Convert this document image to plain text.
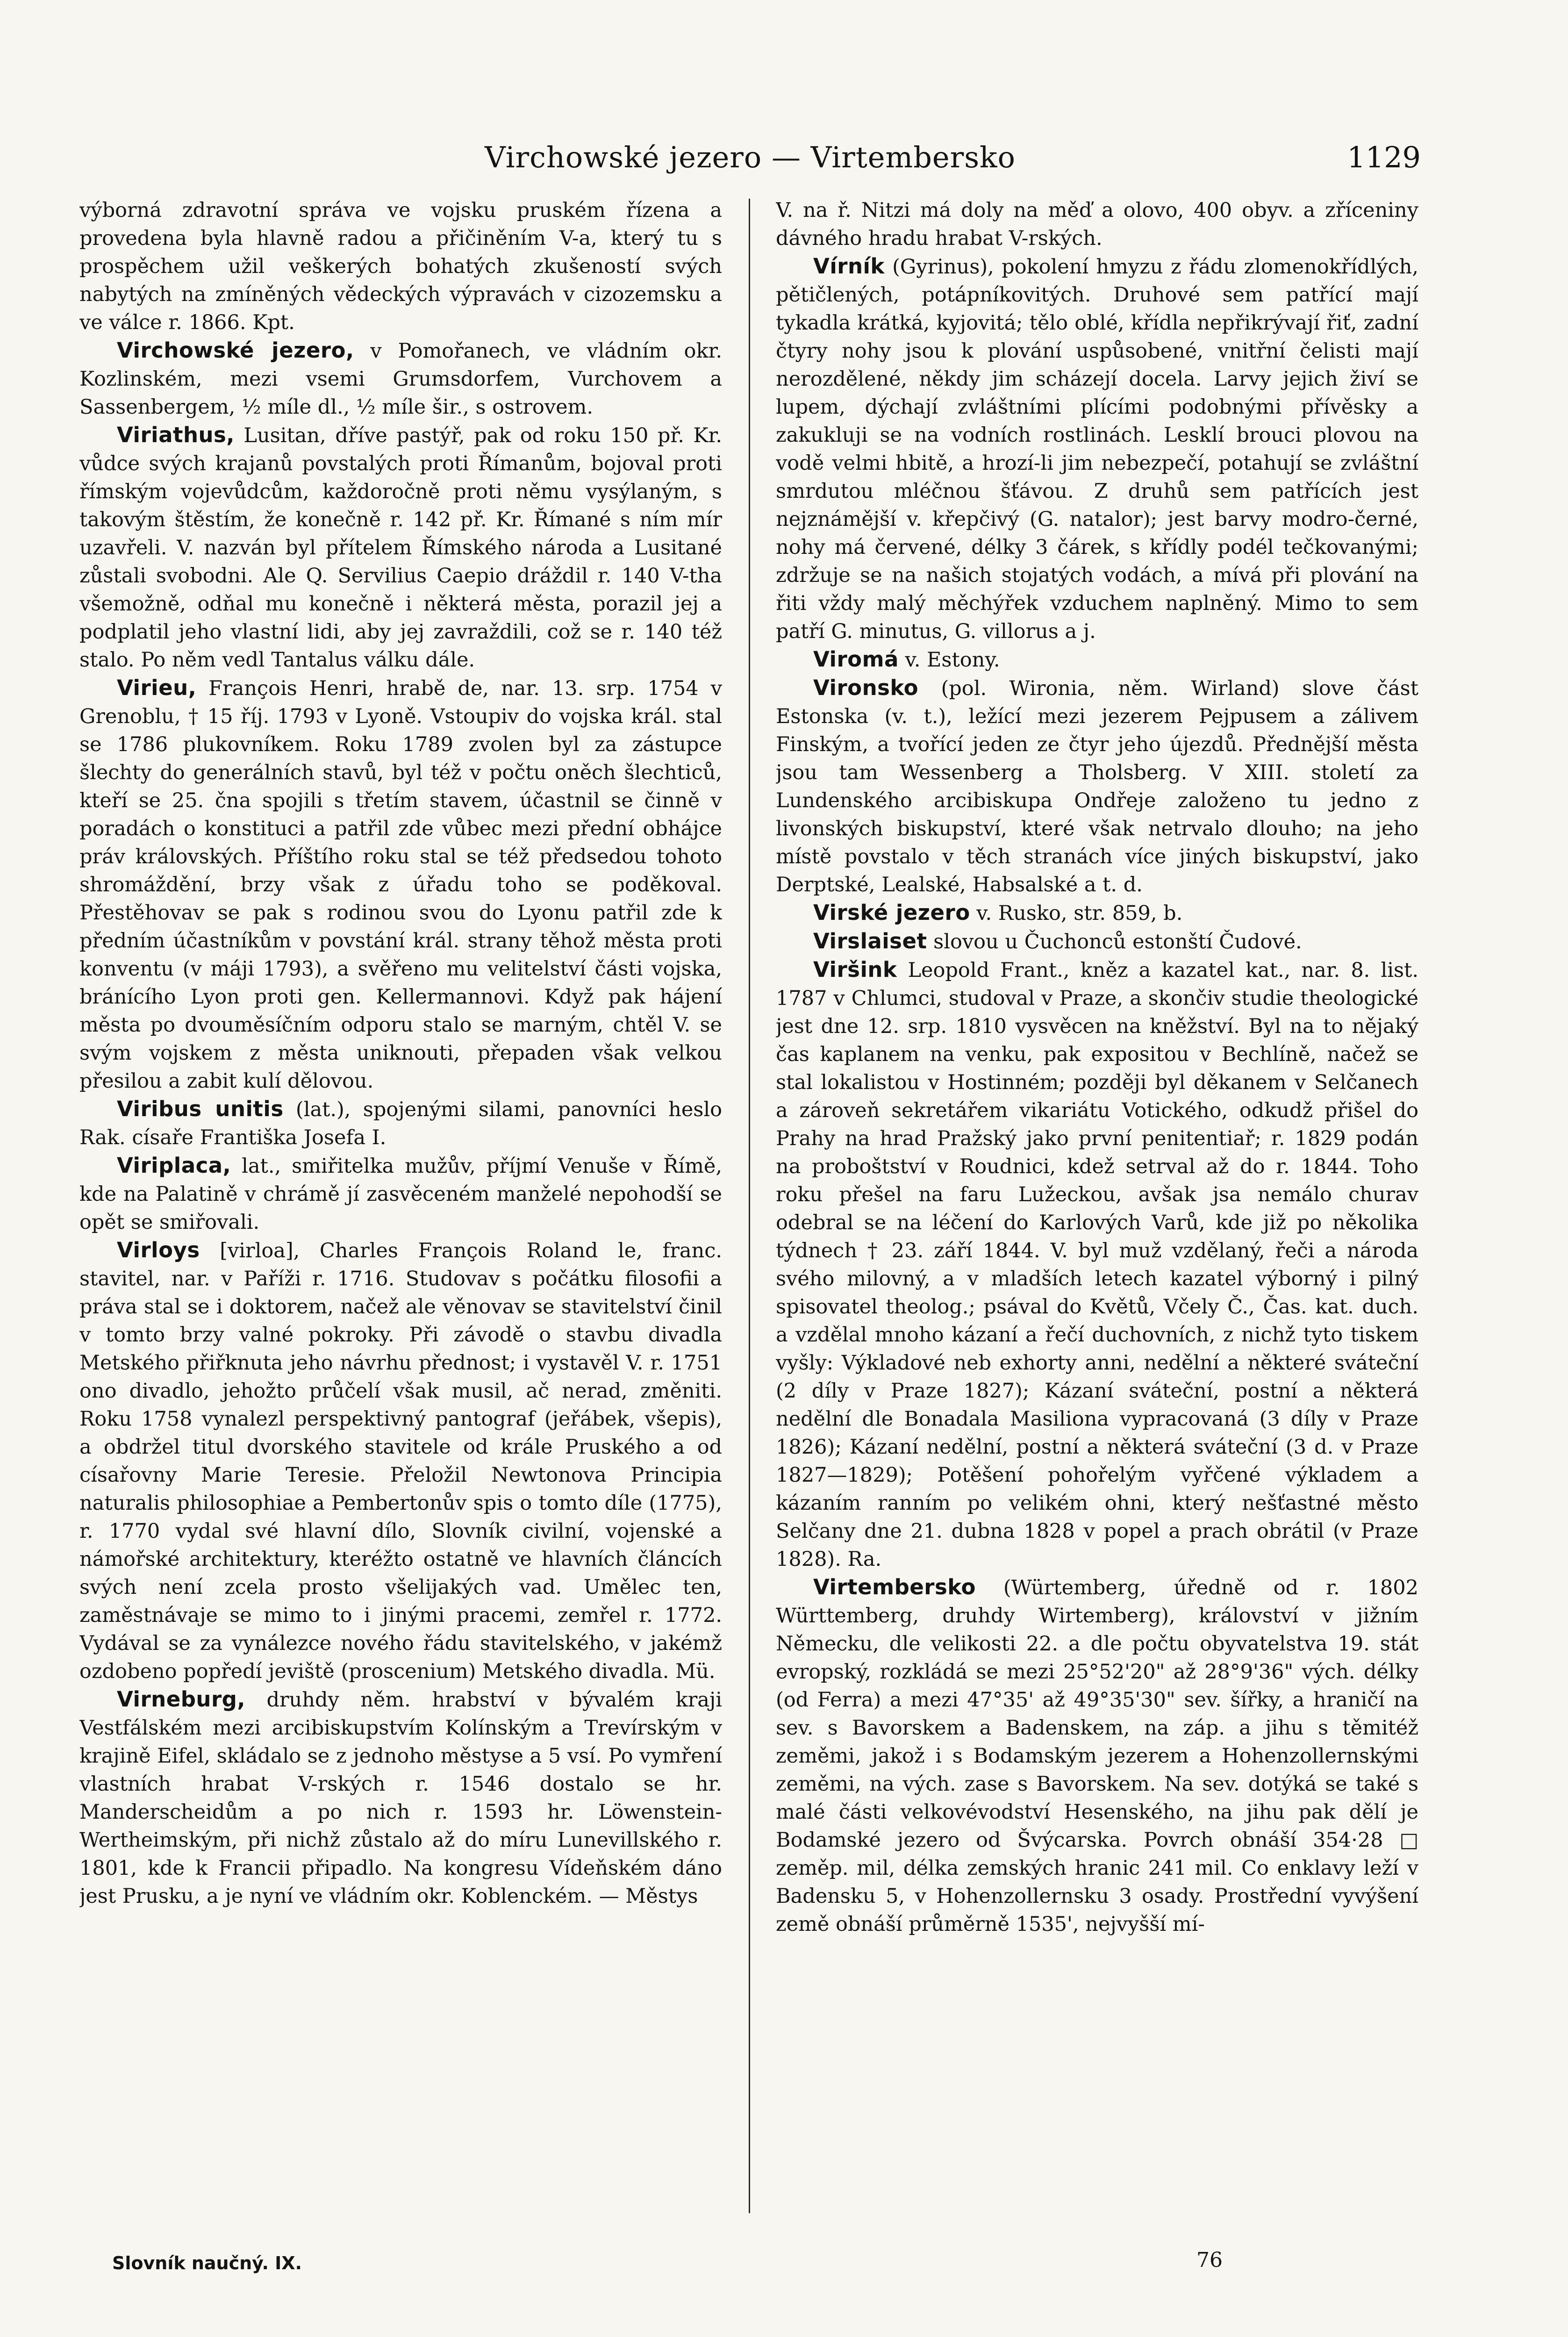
Virchowské jezero — Virtembersko	1129

výborná zdravotní správa ve vojsku pruském řízena a provedena byla hlavně radou a přičiněním V-a, který tu s prospěchem užil veškerých bohatých zkušeností svých nabytých na zmíněných vědeckých výpravách v cizozemsku a ve válce r. 1866. Kpt.

Virchowské jezero, v Pomořanech, ve vládním okr. Kozlinském, mezi vsemi Grumsdorfem, Vurchovem a Sassenbergem, ½ míle dl., ½ míle šir., s ostrovem.

Viriathus, Lusitan, dříve pastýř, pak od roku 150 př. Kr. vůdce svých krajanů povstalých proti Římanům, bojoval proti římským vojevůdcům, každoročně proti němu vysýlaným, s takovým štěstím, že konečně r. 142 př. Kr. Římané s ním mír uzavřeli. V. nazván byl přítelem Římského národa a Lusitané zůstali svobodni. Ale Q. Servilius Caepio dráždil r. 140 V-tha všemožně, odňal mu konečně i některá města, porazil jej a podplatil jeho vlastní lidi, aby jej zavraždili, což se r. 140 též stalo. Po něm vedl Tantalus válku dále.

Virieu, François Henri, hrabě de, nar. 13. srp. 1754 v Grenoblu, † 15 říj. 1793 v Lyoně. Vstoupiv do vojska král. stal se 1786 plukovníkem. Roku 1789 zvolen byl za zástupce šlechty do generálních stavů, byl též v počtu oněch šlechticů, kteří se 25. čna spojili s třetím stavem, účastnil se činně v poradách o konstituci a patřil zde vůbec mezi přední obhájce práv královských. Příštího roku stal se též předsedou tohoto shromáždění, brzy však z úřadu toho se poděkoval. Přestěhovav se pak s rodinou svou do Lyonu patřil zde k předním účastníkům v povstání král. strany těhož města proti konventu (v máji 1793), a svěřeno mu velitelství části vojska, bránícího Lyon proti gen. Kellermannovi. Když pak hájení města po dvouměsíčním odporu stalo se marným, chtěl V. se svým vojskem z města uniknouti, přepaden však velkou přesilou a zabit kulí dělovou.

Viribus unitis (lat.), spojenými silami, panovníci heslo Rak. císaře Františka Josefa I.

Viriplaca, lat., smiřitelka mužův, příjmí Venuše v Římě, kde na Palatině v chrámě jí zasvěceném manželé nepohodší se opět se smiřovali.

Virloys [virloa], Charles François Roland le, franc. stavitel, nar. v Paříži r. 1716. Studovav s počátku filosofii a práva stal se i doktorem, načež ale věnovav se stavitelství činil v tomto brzy valné pokroky. Při závodě o stavbu divadla Metského přiřknuta jeho návrhu přednost; i vystavěl V. r. 1751 ono divadlo, jehožto průčelí však musil, ač nerad, změniti. Roku 1758 vynalezl perspektivný pantograf (jeřábek, všepis), a obdržel titul dvorského stavitele od krále Pruského a od císařovny Marie Teresie. Přeložil Newtonova Principia naturalis philosophiae a Pembertonův spis o tomto díle (1775), r. 1770 vydal své hlavní dílo, Slovník civilní, vojenské a námořské architektury, kteréžto ostatně ve hlavních článcích svých není zcela prosto všelijakých vad. Umělec ten, zaměstnávaje se mimo to i jinými pracemi, zemřel r. 1772. Vydával se za vynálezce nového řádu stavitelského, v jakémž ozdobeno popředí jeviště (proscenium) Metského divadla. Mü.

Virneburg, druhdy něm. hrabství v bývalém kraji Vestfálském mezi arcibiskupstvím Kolínským a Trevírským v krajině Eifel, skládalo se z jednoho městyse a 5 vsí. Po vymření vlastních hrabat V-rských r. 1546 dostalo se hr. Manderscheidům a po nich r. 1593 hr. Löwenstein-Wertheimským, při nichž zůstalo až do míru Lunevillského r. 1801, kde k Francii připadlo. Na kongresu Vídeňském dáno jest Prusku, a je nyní ve vládním okr. Koblenckém. — Městys

V. na ř. Nitzi má doly na měď a olovo, 400 obyv. a zříceniny dávného hradu hrabat V-rských.

Vírník (Gyrinus), pokolení hmyzu z řádu zlomenokřídlých, pětičlených, potápníkovitých. Druhové sem patřící mají tykadla krátká, kyjovitá; tělo oblé, křídla nepřikrývají řiť, zadní čtyry nohy jsou k plování uspůsobené, vnitřní čelisti mají nerozdělené, někdy jim scházejí docela. Larvy jejich živí se lupem, dýchají zvláštními plícími podobnými přívěsky a zakukluji se na vodních rostlinách. Lesklí brouci plovou na vodě velmi hbitě, a hrozí-li jim nebezpečí, potahují se zvláštní smrdutou mléčnou šťávou. Z druhů sem patřících jest nejznámější v. křepčivý (G. natalor); jest barvy modro-černé, nohy má červené, délky 3 čárek, s křídly podél tečkovanými; zdržuje se na našich stojatých vodách, a mívá při plování na řiti vždy malý měchýřek vzduchem naplněný. Mimo to sem patří G. minutus, G. villorus a j.

Viromá v. Estony.

Vironsko (pol. Wironia, něm. Wirland) slove část Estonska (v. t.), ležící mezi jezerem Pejpusem a zálivem Finským, a tvořící jeden ze čtyr jeho újezdů. Přednější města jsou tam Wessenberg a Tholsberg. V XIII. století za Lundenského arcibiskupa Ondřeje založeno tu jedno z livonských biskupství, které však netrvalo dlouho; na jeho místě povstalo v těch stranách více jiných biskupství, jako Derptské, Lealské, Habsalské a t. d.

Virské jezero v. Rusko, str. 859, b.

Virslaiset slovou u Čuchonců estonští Čudové.

Viršink Leopold Frant., kněz a kazatel kat., nar. 8. list. 1787 v Chlumci, studoval v Praze, a skončiv studie theologické jest dne 12. srp. 1810 vysvěcen na kněžství. Byl na to nějaký čas kaplanem na venku, pak expositou v Bechlíně, načež se stal lokalistou v Hostinném; později byl děkanem v Selčanech a zároveň sekretářem vikariátu Votického, odkudž přišel do Prahy na hrad Pražský jako první penitentiař; r. 1829 podán na proboštství v Roudnici, kdež setrval až do r. 1844. Toho roku přešel na faru Lužeckou, avšak jsa nemálo churav odebral se na léčení do Karlových Varů, kde již po několika týdnech † 23. září 1844. V. byl muž vzdělaný, řeči a národa svého milovný, a v mladších letech kazatel výborný i pilný spisovatel theolog.; psával do Květů, Včely Č., Čas. kat. duch. a vzdělal mnoho kázaní a řečí duchovních, z nichž tyto tiskem vyšly: Výkladové neb exhorty anni, nedělní a některé sváteční (2 díly v Praze 1827); Kázaní sváteční, postní a některá nedělní dle Bonadala Masiliona vypracovaná (3 díly v Praze 1826); Kázaní nedělní, postní a některá sváteční (3 d. v Praze 1827—1829); Potěšení pohořelým vyřčené výkladem a kázaním ranním po velikém ohni, který nešťastné město Selčany dne 21. dubna 1828 v popel a prach obrátil (v Praze 1828). Ra.

Virtembersko (Würtemberg, úředně od r. 1802 Württemberg, druhdy Wirtemberg), království v jižním Německu, dle velikosti 22. a dle počtu obyvatelstva 19. stát evropský, rozkládá se mezi 25°52'20" až 28°9'36" vých. délky (od Ferra) a mezi 47°35' až 49°35'30" sev. šířky, a hraničí na sev. s Bavorskem a Badenskem, na záp. a jihu s těmitéž zeměmi, jakož i s Bodamským jezerem a Hohenzollernskými zeměmi, na vých. zase s Bavorskem. Na sev. dotýká se také s malé části velkovévodství Hesenského, na jihu pak dělí je Bodamské jezero od Švýcarska. Povrch obnáší 354·28 □ zeměp. mil, délka zemských hranic 241 mil. Co enklavy leží v Badensku 5, v Hohenzollernsku 3 osady. Prostřední vyvýšení země obnáší průměrně 1535', nejvyšší mí-

Slovník naučný. IX.	76
